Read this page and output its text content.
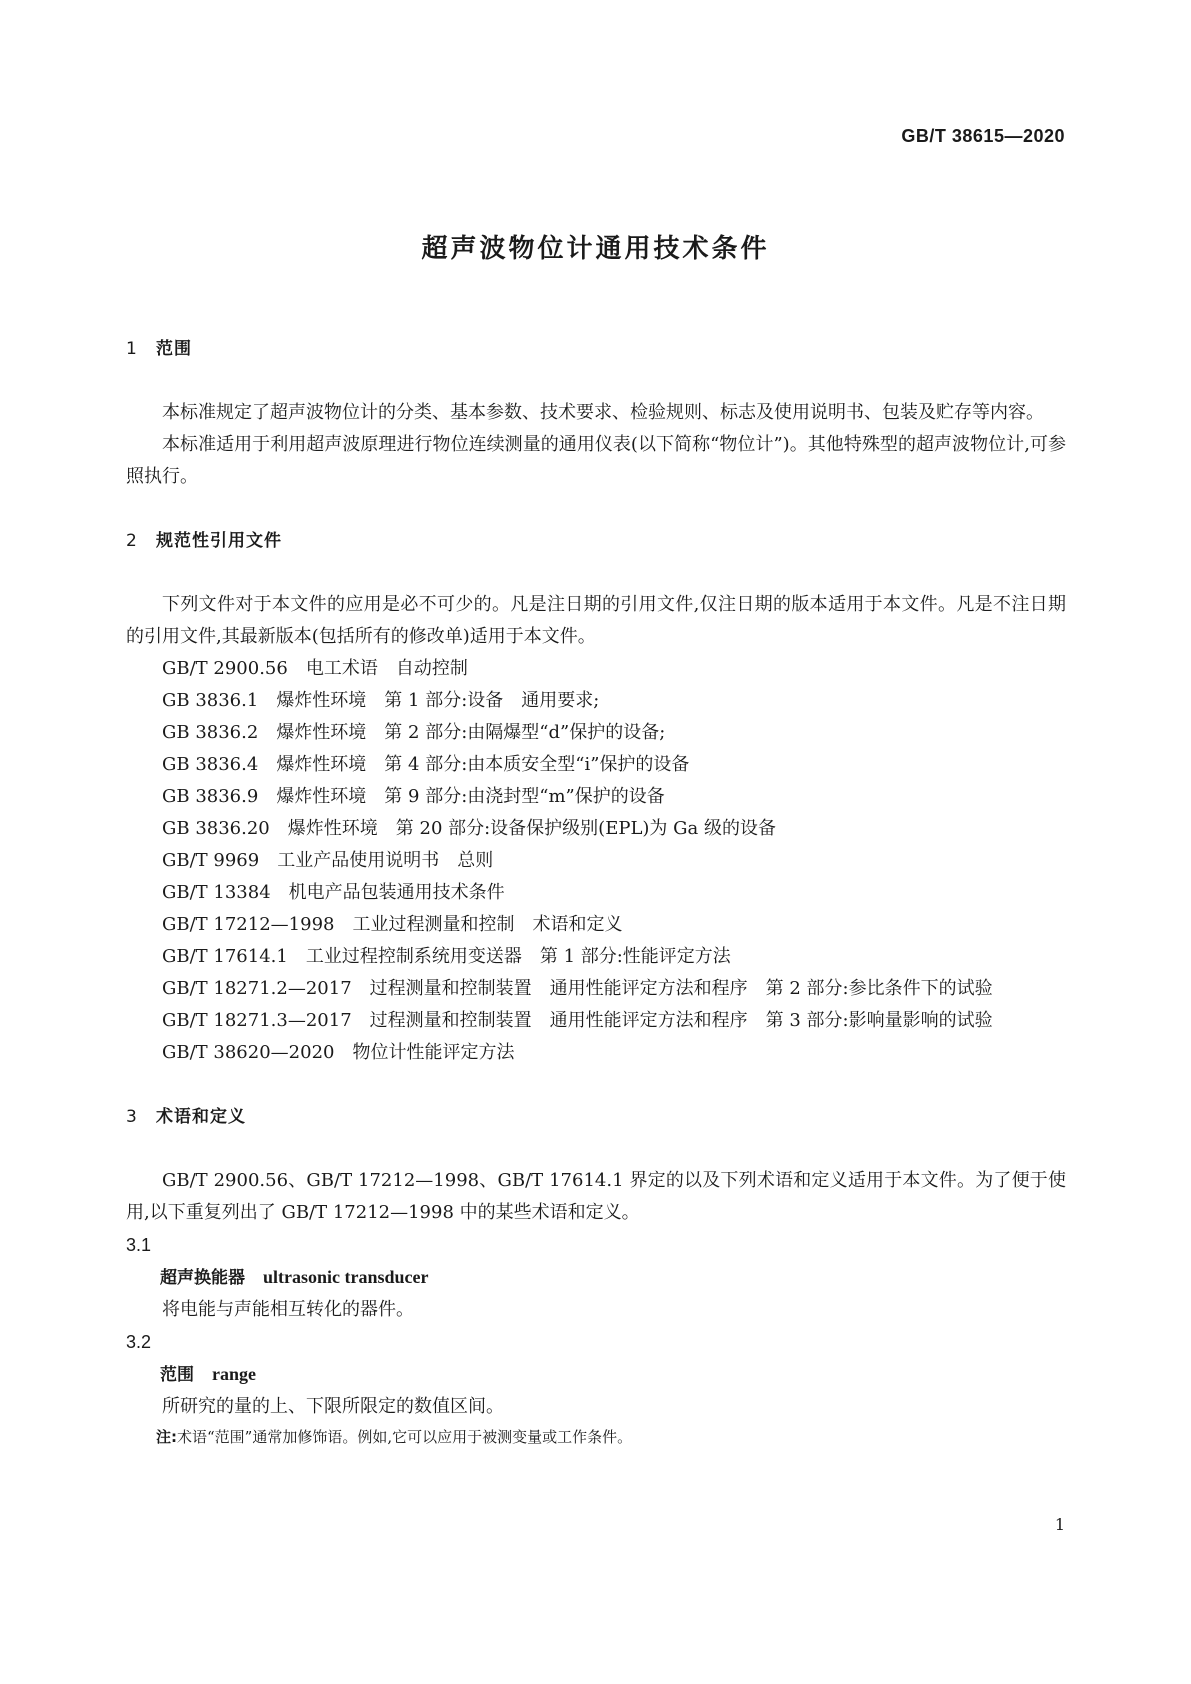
GB/T 38615—2020
超声波物位计通用技术条件
1 范围

本标准规定了超声波物位计的分类、基本参数、技术要求、检验规则、标志及使用说明书、包装及贮存等内容。

本标准适用于利用超声波原理进行物位连续测量的通用仪表(以下简称“物位计”)。其他特殊型的超声波物位计,可参照执行。

2 规范性引用文件

下列文件对于本文件的应用是必不可少的。凡是注日期的引用文件,仅注日期的版本适用于本文件。凡是不注日期的引用文件,其最新版本(包括所有的修改单)适用于本文件。

GB/T 2900.56 电工术语　自动控制
GB 3836.1 爆炸性环境　第 1 部分:设备　通用要求;
GB 3836.2 爆炸性环境　第 2 部分:由隔爆型“d”保护的设备;
GB 3836.4 爆炸性环境　第 4 部分:由本质安全型“i”保护的设备
GB 3836.9 爆炸性环境　第 9 部分:由浇封型“m”保护的设备
GB 3836.20 爆炸性环境　第 20 部分:设备保护级别(EPL)为 Ga 级的设备
GB/T 9969 工业产品使用说明书　总则
GB/T 13384 机电产品包装通用技术条件
GB/T 17212—1998 工业过程测量和控制　术语和定义
GB/T 17614.1 工业过程控制系统用变送器　第 1 部分:性能评定方法
GB/T 18271.2—2017 过程测量和控制装置　通用性能评定方法和程序　第 2 部分:参比条件下的试验
GB/T 18271.3—2017 过程测量和控制装置　通用性能评定方法和程序　第 3 部分:影响量影响的试验
GB/T 38620—2020 物位计性能评定方法
3 术语和定义

GB/T 2900.56、GB/T 17212—1998、GB/T 17614.1 界定的以及下列术语和定义适用于本文件。为了便于使用,以下重复列出了 GB/T 17212—1998 中的某些术语和定义。

3.1
超声换能器 ultrasonic transducer
将电能与声能相互转化的器件。
3.2
范围 range
所研究的量的上、下限所限定的数值区间。
注:术语“范围”通常加修饰语。例如,它可以应用于被测变量或工作条件。
1
